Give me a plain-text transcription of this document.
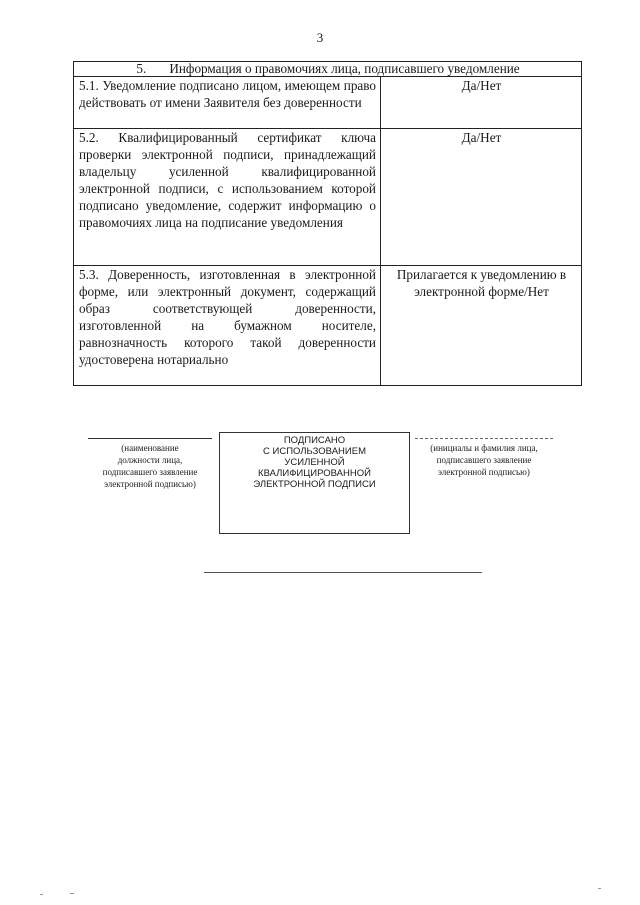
3
5.       Информация о правомочиях лица, подписавшего уведомление	
5.1. Уведомление подписано лицом, имеющем право действовать от имени Заявителя без доверенности	Да/Нет
5.2. Квалифицированный сертификат ключа проверки электронной подписи, принадлежащий владельцу усиленной квалифицированной электронной подписи, с использованием которой подписано уведомление, содержит информацию о правомочиях лица на подписание уведомления	Да/Нет
5.3. Доверенность, изготовленная в электронной форме, или электронный документ, содержащий образ соответствующей доверенности, изготовленной на бумажном носителе, равнозначность которого такой доверенности удостоверена нотариально	Прилагается к уведомлению в электронной форме/Нет
(наименование
должности лица,
подписавшего заявление
электронной подписью)
ПОДПИСАНО
С ИСПОЛЬЗОВАНИЕМ
УСИЛЕННОЙ
КВАЛИФИЦИРОВАННОЙ
ЭЛЕКТРОННОЙ ПОДПИСИ
(инициалы и фамилия лица,
подписавшего заявление
электронной подписью)
